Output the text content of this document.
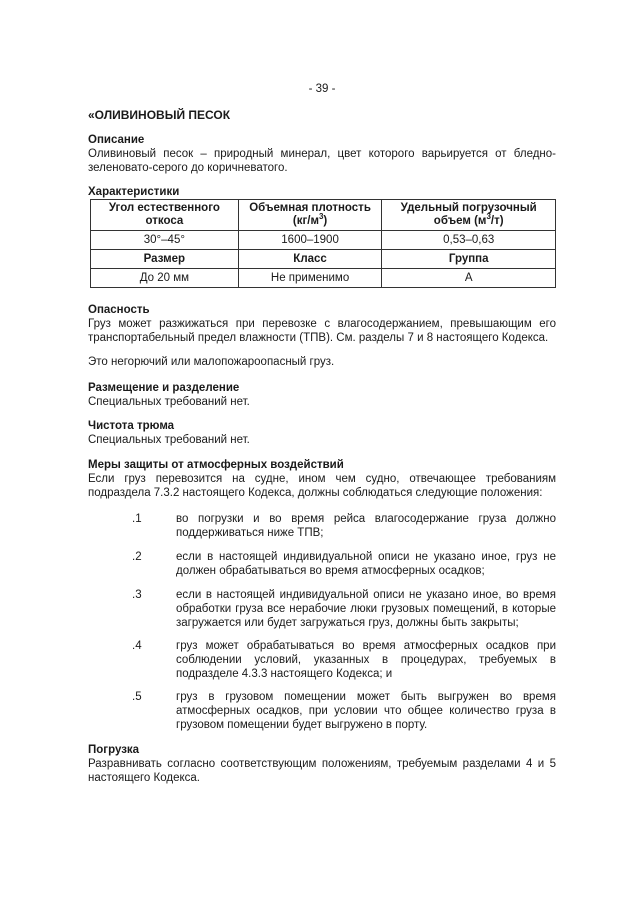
- 39 -
«ОЛИВИНОВЫЙ ПЕСОК
Описание

Оливиновый песок – природный минерал, цвет которого варьируется от бледно-зеленовато-серого до коричневатого.

Характеристики
Угол естественного откоса	Объемная плотность $(кг/м^3)$	Удельный погрузочный объем $(м^3/т)$
30°–45°	1600–1900	0,53–0,63
Размер	Класс	Группа
До 20 мм	Не применимо	А
Опасность

Груз может разжижаться при перевозке с влагосодержанием, превышающим его транспортабельный предел влажности (ТПВ). См. разделы 7 и 8 настоящего Кодекса.

Это негорючий или малопожароопасный груз.

Размещение и разделение

Специальных требований нет.

Чистота трюма

Специальных требований нет.

Меры защиты от атмосферных воздействий

Если груз перевозится на судне, ином чем судно, отвечающее требованиям подраздела 7.3.2 настоящего Кодекса, должны соблюдаться следующие положения:

.1	во погрузки и во время рейса влагосодержание груза должно поддерживаться ниже ТПВ;
.2	если в настоящей индивидуальной описи не указано иное, груз не должен обрабатываться во время атмосферных осадков;
.3	если в настоящей индивидуальной описи не указано иное, во время обработки груза все нерабочие люки грузовых помещений, в которые загружается или будет загружаться груз, должны быть закрыты;
.4	груз может обрабатываться во время атмосферных осадков при соблюдении условий, указанных в процедурах, требуемых в подразделе 4.3.3 настоящего Кодекса; и
.5	груз в грузовом помещении может быть выгружен во время атмосферных осадков, при условии что общее количество груза в грузовом помещении будет выгружено в порту.
Погрузка

Разравнивать согласно соответствующим положениям, требуемым разделами 4 и 5 настоящего Кодекса.
